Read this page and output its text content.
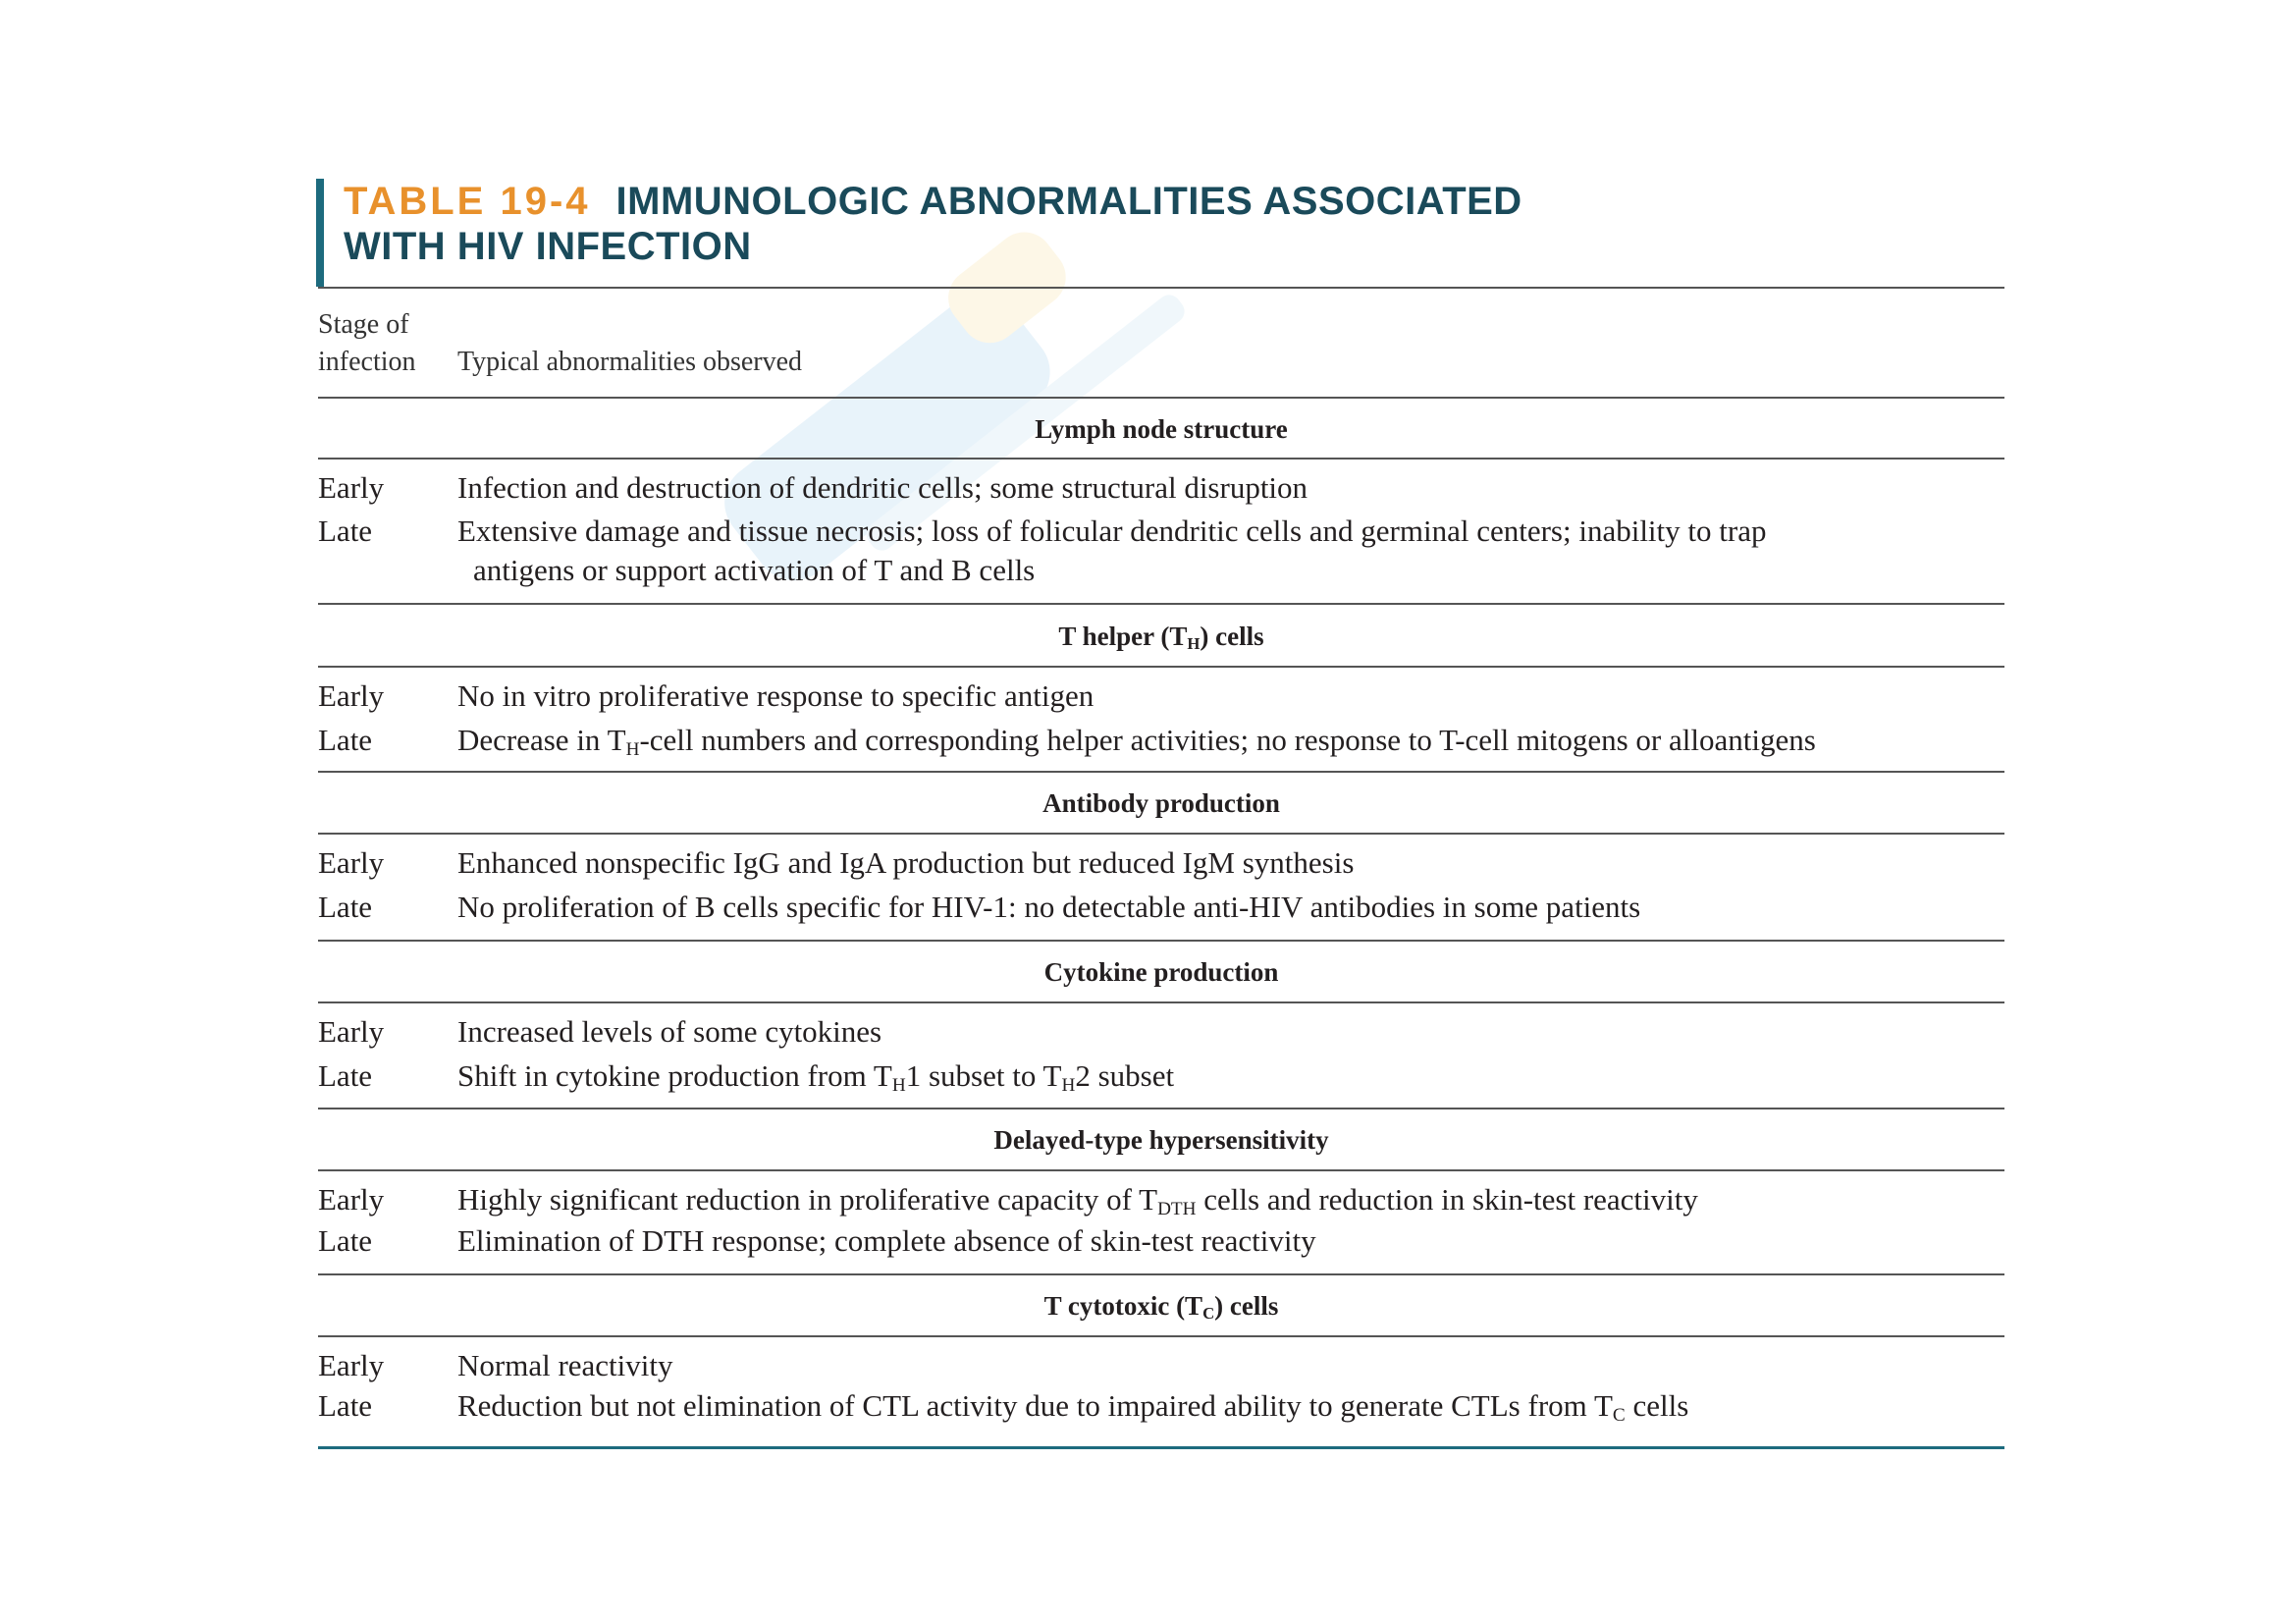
TABLE 19-4 IMMUNOLOGIC ABNORMALITIES ASSOCIATED
WITH HIV INFECTION
Stage of
infection Typical abnormalities observed
Lymph node structure
Early Infection and destruction of dendritic cells; some structural disruption
Late	Extensive damage and tissue necrosis; loss of folicular dendritic cells and germinal centers; inability to trap
antigens or support activation of T and B cells
T helper $(T_H)$ cells
Early No in vitro proliferative response to specific antigen
Late	Decrease in $T_H$-cell numbers and corresponding helper activities; no response to T-cell mitogens or alloantigens
Antibody production
Early Enhanced nonspecific IgG and IgA production but reduced IgM synthesis
Late	No proliferation of B cells specific for HIV-1: no detectable anti-HIV antibodies in some patients
Cytokine production
Early Increased levels of some cytokines
Late	Shift in cytokine production from $T_H1$ subset to $T_H2$ subset
Delayed-type hypersensitivity
Early Highly significant reduction in proliferative capacity of $T_{DTH}$ cells and reduction in skin-test reactivity
Late	Elimination of DTH response; complete absence of skin-test reactivity
T cytotoxic $(T_C)$ cells
Early Normal reactivity
Late	Reduction but not elimination of CTL activity due to impaired ability to generate CTLs from $T_C$ cells
